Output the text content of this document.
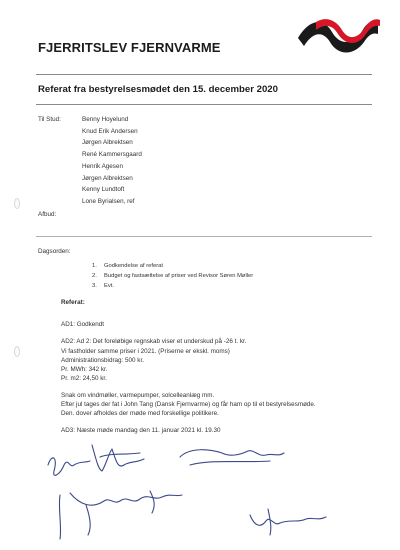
FJERRITSLEV FJERNVARME
Referat fra bestyrelsesmødet den 15. december 2020
Til Stud:	Benny Hoyelund
Knud Erik Andersen
Jørgen Albrektsen
René Kammersgaard
Henrik Agesen
Jørgen Albrektsen
Kenny Lundtoft
Lone Byrialsen, ref
Afbud:
Dagsorden:
1. Godkendelse af referat
2. Budget og fastsættelse af priser ved Revisor Søren Møller
3. Evt.
Referat:
AD1: Godkendt
AD2: Ad 2: Det foreløbige regnskab viser et underskud på -26 t. kr.
Vi fastholder samme priser i 2021. (Priserne er ekskl. moms)
Administrationsbidrag: 500 kr.
Pr. MWh: 342 kr.
Pr. m2: 24,50 kr.
Snak om vindmøller, varmepumper, solcelleanlæg mm.
Efter jul tages der fat i John Tang (Dansk Fjernvarme) og får ham op til et bestyrelsesmøde.
Den. dover afholdes der møde med forskellige politikere.
AD3: Næste møde mandag den 11. januar 2021 kl. 19.30
